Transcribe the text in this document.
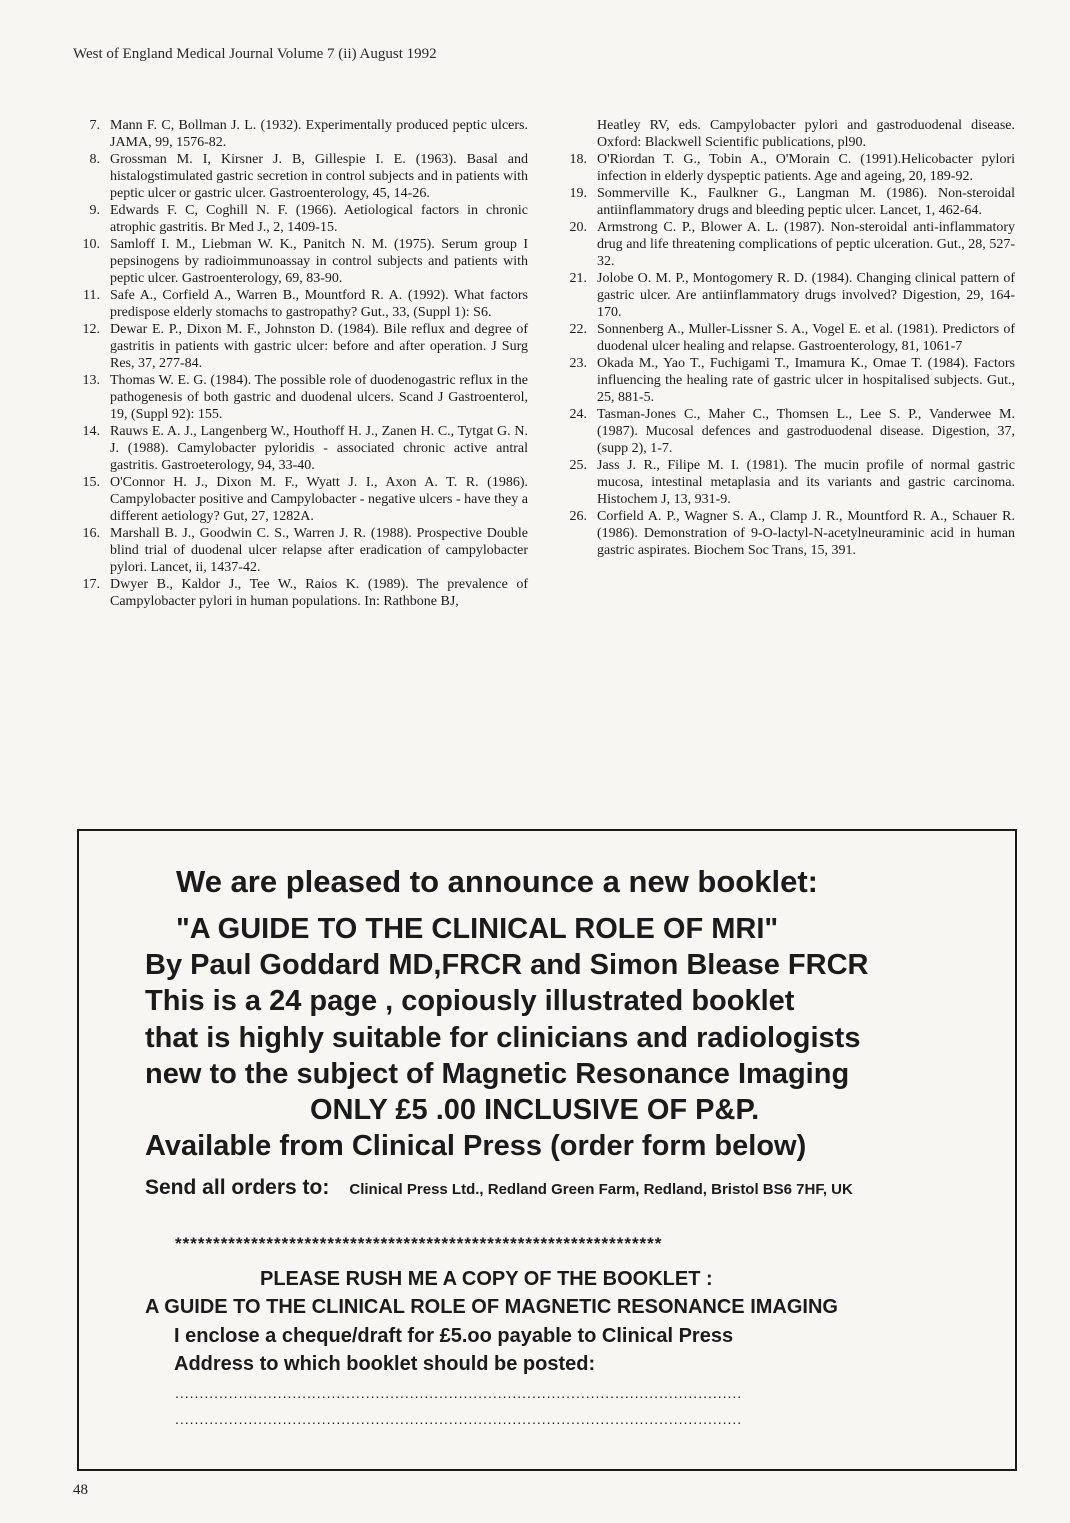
West of England Medical Journal Volume 7 (ii) August 1992
7. Mann F. C, Bollman J. L. (1932). Experimentally produced peptic ulcers. JAMA, 99, 1576-82.
8. Grossman M. I, Kirsner J. B, Gillespie I. E. (1963). Basal and histalogstimulated gastric secretion in control subjects and in patients with peptic ulcer or gastric ulcer. Gastroenterology, 45, 14-26.
9. Edwards F. C, Coghill N. F. (1966). Aetiological factors in chronic atrophic gastritis. Br Med J., 2, 1409-15.
10. Samloff I. M., Liebman W. K., Panitch N. M. (1975). Serum group I pepsinogens by radioimmunoassay in control subjects and patients with peptic ulcer. Gastroenterology, 69, 83-90.
11. Safe A., Corfield A., Warren B., Mountford R. A. (1992). What factors predispose elderly stomachs to gastropathy? Gut., 33, (Suppl 1): S6.
12. Dewar E. P., Dixon M. F., Johnston D. (1984). Bile reflux and degree of gastritis in patients with gastric ulcer: before and after operation. J Surg Res, 37, 277-84.
13. Thomas W. E. G. (1984). The possible role of duodenogastric reflux in the pathogenesis of both gastric and duodenal ulcers. Scand J Gastroenterol, 19, (Suppl 92): 155.
14. Rauws E. A. J., Langenberg W., Houthoff H. J., Zanen H. C., Tytgat G. N. J. (1988). Camylobacter pyloridis - associated chronic active antral gastritis. Gastroeterology, 94, 33-40.
15. O'Connor H. J., Dixon M. F., Wyatt J. I., Axon A. T. R. (1986). Campylobacter positive and Campylobacter - negative ulcers - have they a different aetiology? Gut, 27, 1282A.
16. Marshall B. J., Goodwin C. S., Warren J. R. (1988). Prospective Double blind trial of duodenal ulcer relapse after eradication of campylobacter pylori. Lancet, ii, 1437-42.
17. Dwyer B., Kaldor J., Tee W., Raios K. (1989). The prevalence of Campylobacter pylori in human populations. In: Rathbone BJ,
Heatley RV, eds. Campylobacter pylori and gastroduodenal disease. Oxford: Blackwell Scientific publications, pl90.
18. O'Riordan T. G., Tobin A., O'Morain C. (1991).Helicobacter pylori infection in elderly dyspeptic patients. Age and ageing, 20, 189-92.
19. Sommerville K., Faulkner G., Langman M. (1986). Non-steroidal antiinflammatory drugs and bleeding peptic ulcer. Lancet, 1, 462-64.
20. Armstrong C. P., Blower A. L. (1987). Non-steroidal anti-inflammatory drug and life threatening complications of peptic ulceration. Gut., 28, 527-32.
21. Jolobe O. M. P., Montogomery R. D. (1984). Changing clinical pattern of gastric ulcer. Are antiinflammatory drugs involved? Digestion, 29, 164-170.
22. Sonnenberg A., Muller-Lissner S. A., Vogel E. et al. (1981). Predictors of duodenal ulcer healing and relapse. Gastroenterology, 81, 1061-7
23. Okada M., Yao T., Fuchigami T., Imamura K., Omae T. (1984). Factors influencing the healing rate of gastric ulcer in hospitalised subjects. Gut., 25, 881-5.
24. Tasman-Jones C., Maher C., Thomsen L., Lee S. P., Vanderwee M. (1987). Mucosal defences and gastroduodenal disease. Digestion, 37, (supp 2), 1-7.
25. Jass J. R., Filipe M. I. (1981). The mucin profile of normal gastric mucosa, intestinal metaplasia and its variants and gastric carcinoma. Histochem J, 13, 931-9.
26. Corfield A. P., Wagner S. A., Clamp J. R., Mountford R. A., Schauer R. (1986). Demonstration of 9-O-lactyl-N-acetylneuraminic acid in human gastric aspirates. Biochem Soc Trans, 15, 391.
We are pleased to announce a new booklet:
"A GUIDE TO THE CLINICAL ROLE OF MRI"
By Paul Goddard MD,FRCR and Simon Blease FRCR
This is a 24 page , copiously illustrated booklet
that is highly suitable for clinicians and radiologists
new to the subject of Magnetic Resonance Imaging
ONLY £5 .00 INCLUSIVE OF P&P.
Available from Clinical Press (order form below)
Send all orders to: Clinical Press Ltd., Redland Green Farm, Redland, Bristol BS6 7HF, UK
****************************************************************
PLEASE RUSH ME A COPY OF THE BOOKLET :
A GUIDE TO THE CLINICAL ROLE OF MAGNETIC RESONANCE IMAGING
I enclose a cheque/draft for £5.oo payable to Clinical Press
Address to which booklet should be posted:
....................................................................................................................
....................................................................................................................
48
